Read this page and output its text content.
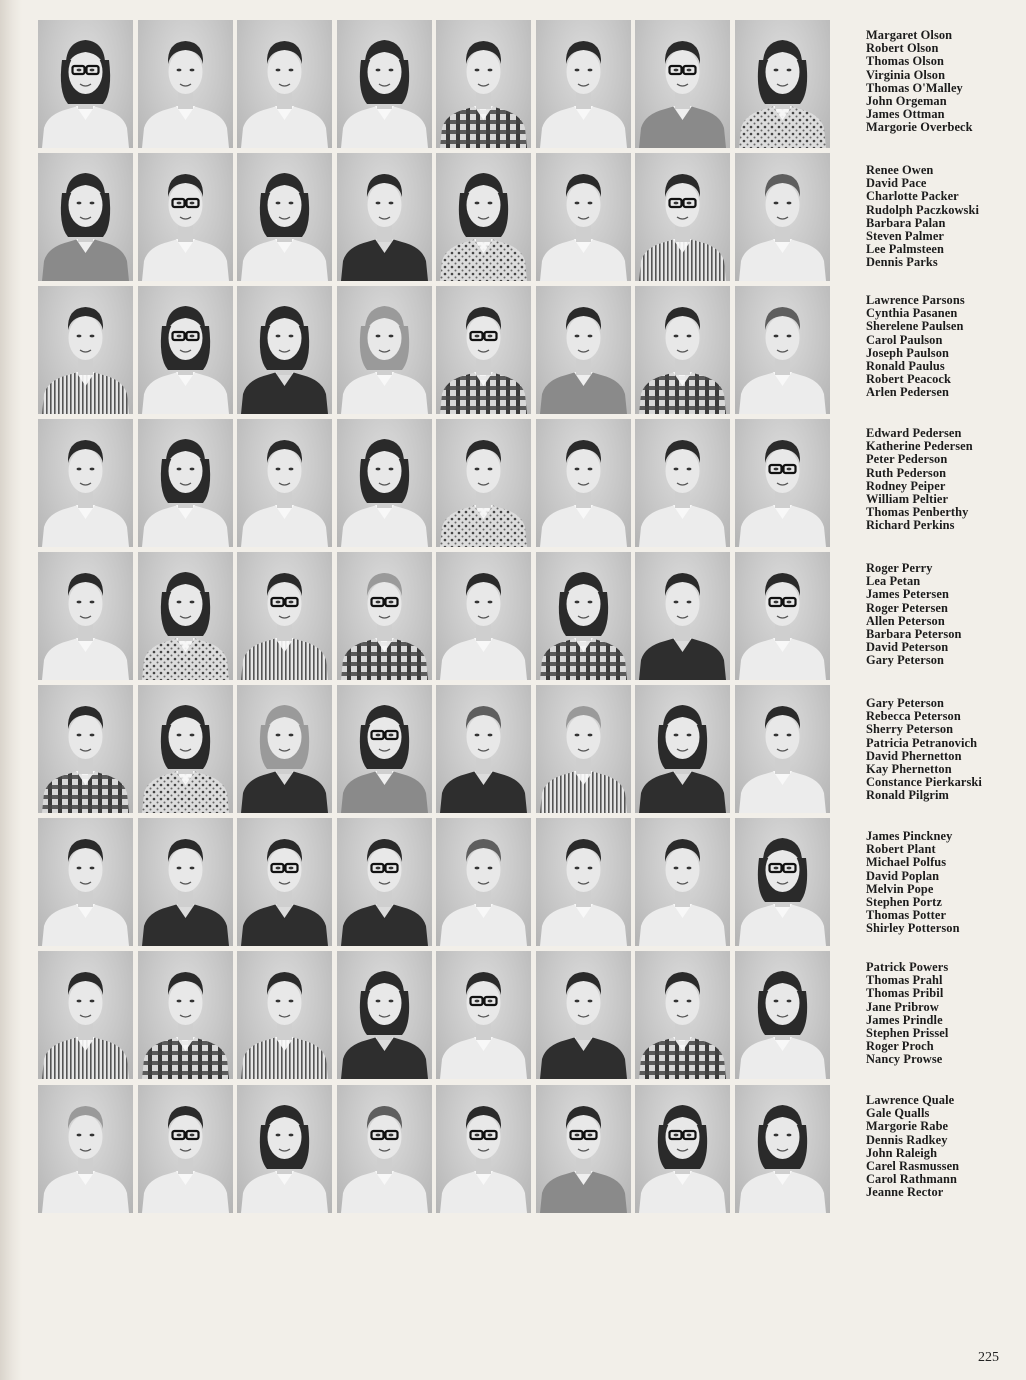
Margaret Olson
Robert Olson
Thomas Olson
Virginia Olson
Thomas O'Malley
John Orgeman
James Ottman
Margorie Overbeck
Renee Owen
David Pace
Charlotte Packer
Rudolph Paczkowski
Barbara Palan
Steven Palmer
Lee Palmsteen
Dennis Parks
Lawrence Parsons
Cynthia Pasanen
Sherelene Paulsen
Carol Paulson
Joseph Paulson
Ronald Paulus
Robert Peacock
Arlen Pedersen
Edward Pedersen
Katherine Pedersen
Peter Pederson
Ruth Pederson
Rodney Peiper
William Peltier
Thomas Penberthy
Richard Perkins
Roger Perry
Lea Petan
James Petersen
Roger Petersen
Allen Peterson
Barbara Peterson
David Peterson
Gary Peterson
Gary Peterson
Rebecca Peterson
Sherry Peterson
Patricia Petranovich
David Phernetton
Kay Phernetton
Constance Pierkarski
Ronald Pilgrim
James Pinckney
Robert Plant
Michael Polfus
David Poplan
Melvin Pope
Stephen Portz
Thomas Potter
Shirley Potterson
Patrick Powers
Thomas Prahl
Thomas Pribil
Jane Pribrow
James Prindle
Stephen Prissel
Roger Proch
Nancy Prowse
Lawrence Quale
Gale Qualls
Margorie Rabe
Dennis Radkey
John Raleigh
Carel Rasmussen
Carol Rathmann
Jeanne Rector
225
